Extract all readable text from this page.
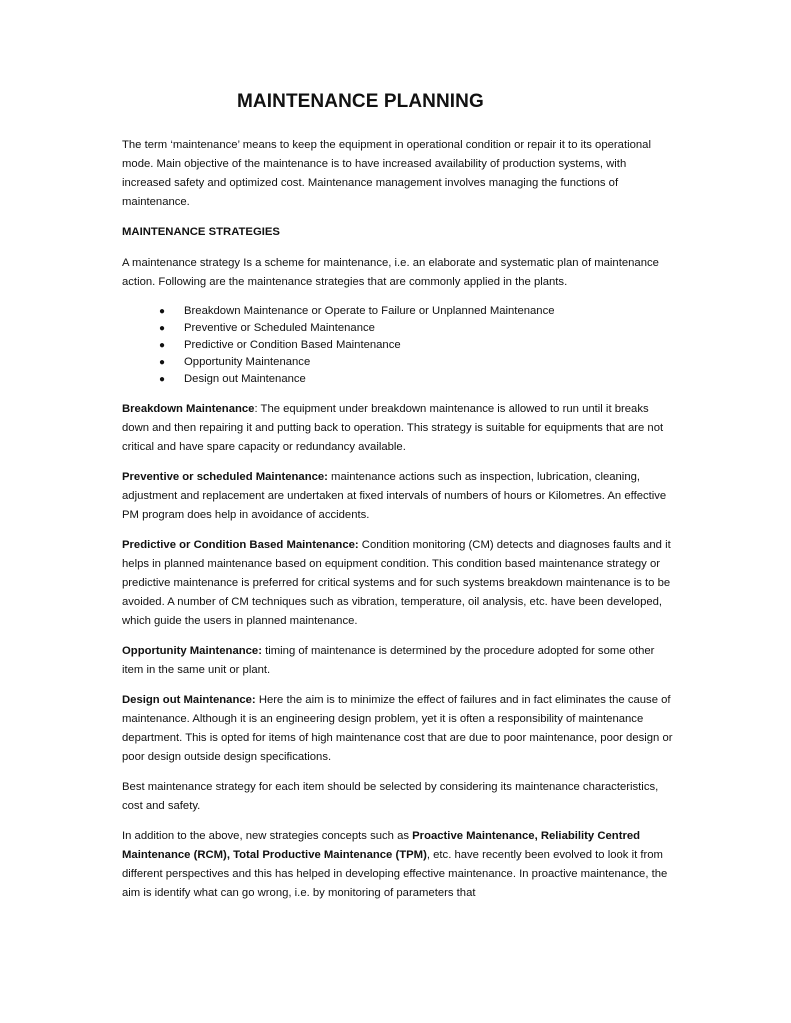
MAINTENANCE PLANNING

The term ‘maintenance’ means to keep the equipment in operational condition or repair it to its operational mode. Main objective of the maintenance is to have increased availability of production systems, with increased safety and optimized cost. Maintenance management involves managing the functions of maintenance.

MAINTENANCE STRATEGIES

A maintenance strategy Is a scheme for maintenance, i.e. an elaborate and systematic plan of maintenance action. Following are the maintenance strategies that are commonly applied in the plants.

● Breakdown Maintenance or Operate to Failure or Unplanned Maintenance
● Preventive or Scheduled Maintenance
● Predictive or Condition Based Maintenance
● Opportunity Maintenance
● Design out Maintenance

Breakdown Maintenance: The equipment under breakdown maintenance is allowed to run until it breaks down and then repairing it and putting back to operation. This strategy is suitable for equipments that are not critical and have spare capacity or redundancy available.

Preventive or scheduled Maintenance: maintenance actions such as inspection, lubrication, cleaning, adjustment and replacement are undertaken at fixed intervals of numbers of hours or Kilometres. An effective PM program does help in avoidance of accidents.

Predictive or Condition Based Maintenance: Condition monitoring (CM) detects and diagnoses faults and it helps in planned maintenance based on equipment condition. This condition based maintenance strategy or predictive maintenance is preferred for critical systems and for such systems breakdown maintenance is to be avoided. A number of CM techniques such as vibration, temperature, oil analysis, etc. have been developed, which guide the users in planned maintenance.

Opportunity Maintenance: timing of maintenance is determined by the procedure adopted for some other item in the same unit or plant.

Design out Maintenance: Here the aim is to minimize the effect of failures and in fact eliminates the cause of maintenance. Although it is an engineering design problem, yet it is often a responsibility of maintenance department. This is opted for items of high maintenance cost that are due to poor maintenance, poor design or poor design outside design specifications.

Best maintenance strategy for each item should be selected by considering its maintenance characteristics, cost and safety.

In addition to the above, new strategies concepts such as Proactive Maintenance, Reliability Centred Maintenance (RCM), Total Productive Maintenance (TPM), etc. have recently been evolved to look it from different perspectives and this has helped in developing effective maintenance. In proactive maintenance, the aim is identify what can go wrong, i.e. by monitoring of parameters that
